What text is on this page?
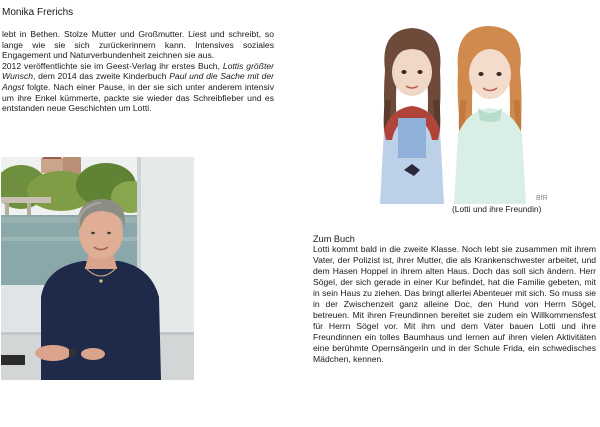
Monika Frerichs

lebt in Bethen. Stolze Mutter und Großmutter. Liest und schreibt, so lange wie sie sich zurückerinnern kann. Intensives soziales Engagement und Naturverbundenheit zeichnen sie aus.

2012 veröffentlichte sie im Geest-Verlag ihr erstes Buch, Lottis größter Wunsch, dem 2014 das zweite Kinderbuch Paul und die Sache mit der Angst folgte. Nach einer Pause, in der sie sich unter anderem intensiv um ihre Enkel kümmerte, packte sie wieder das Schreibfieber und es entstanden neue Geschichten um Lotti.

BfR
(Lotti und ihre Freundin)
Zum Buch

Lotti kommt bald in die zweite Klasse. Noch lebt sie zusammen mit ihrem Vater, der Polizist ist, ihrer Mutter, die als Krankenschwester arbeitet, und dem Hasen Hoppel in ihrem alten Haus. Doch das soll sich ändern. Herr Sögel, der sich gerade in einer Kur befindet, hat die Familie gebeten, mit in sein Haus zu ziehen. Das bringt allerlei Abenteuer mit sich. So muss sie in der Zwischenzeit ganz alleine Doc, den Hund von Herrn Sögel, betreuen. Mit ihren Freundinnen bereitet sie zudem ein Willkommensfest für Herrn Sögel vor. Mit ihm und dem Vater bauen Lotti und ihre Freundinnen ein tolles Baumhaus und lernen auf ihren vielen Aktivitäten eine berühmte Opernsängerin und in der Schule Frida, ein schwedisches Mädchen, kennen.
